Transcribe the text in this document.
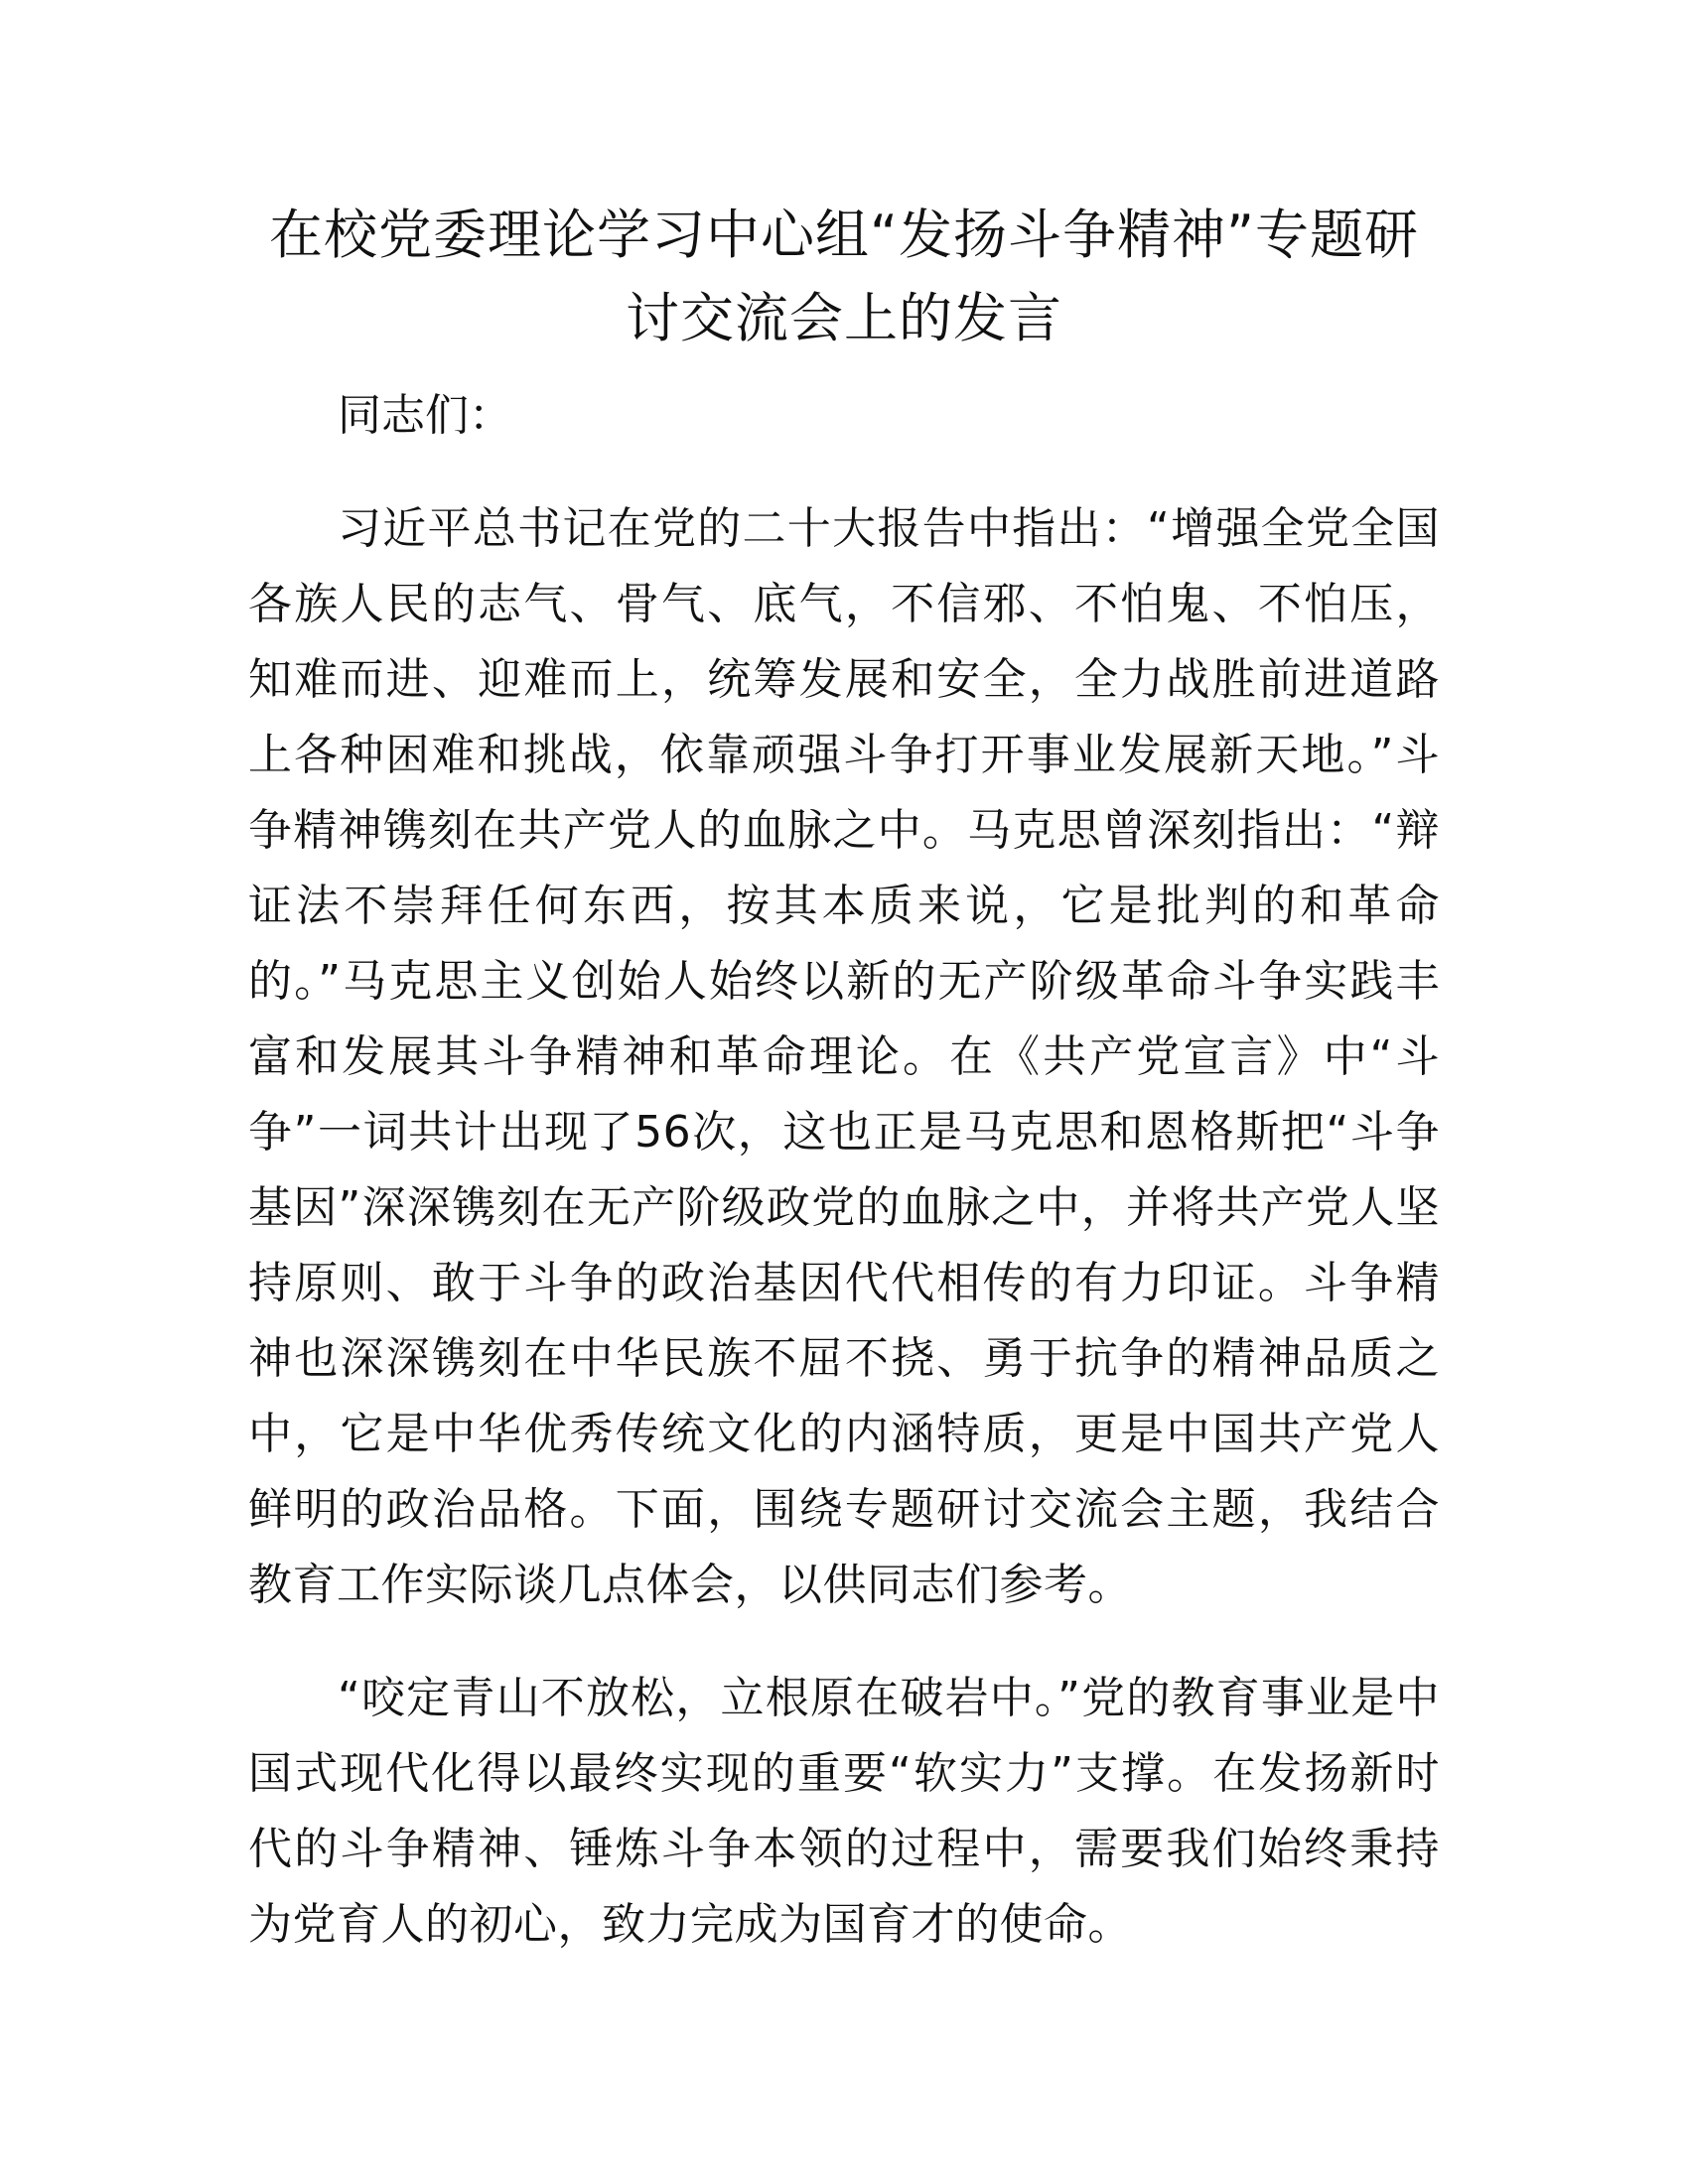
在校党委理论学习中心组“发扬斗争精神”专题研讨交流会上的发言

同志们：

习近平总书记在党的二十大报告中指出：“增强全党全国各族人民的志气、骨气、底气，不信邪、不怕鬼、不怕压，知难而进、迎难而上，统筹发展和安全，全力战胜前进道路上各种困难和挑战，依靠顽强斗争打开事业发展新天地。”斗争精神镌刻在共产党人的血脉之中。马克思曾深刻指出：“辩证法不崇拜任何东西，按其本质来说，它是批判的和革命的。”马克思主义创始人始终以新的无产阶级革命斗争实践丰富和发展其斗争精神和革命理论。在《共产党宣言》中“斗争”一词共计出现了56次，这也正是马克思和恩格斯把“斗争基因”深深镌刻在无产阶级政党的血脉之中，并将共产党人坚持原则、敢于斗争的政治基因代代相传的有力印证。斗争精神也深深镌刻在中华民族不屈不挠、勇于抗争的精神品质之中，它是中华优秀传统文化的内涵特质，更是中国共产党人鲜明的政治品格。下面，围绕专题研讨交流会主题，我结合教育工作实际谈几点体会，以供同志们参考。

“咬定青山不放松，立根原在破岩中。”党的教育事业是中国式现代化得以最终实现的重要“软实力”支撑。在发扬新时代的斗争精神、锤炼斗争本领的过程中，需要我们始终秉持为党育人的初心，致力完成为国育才的使命。
